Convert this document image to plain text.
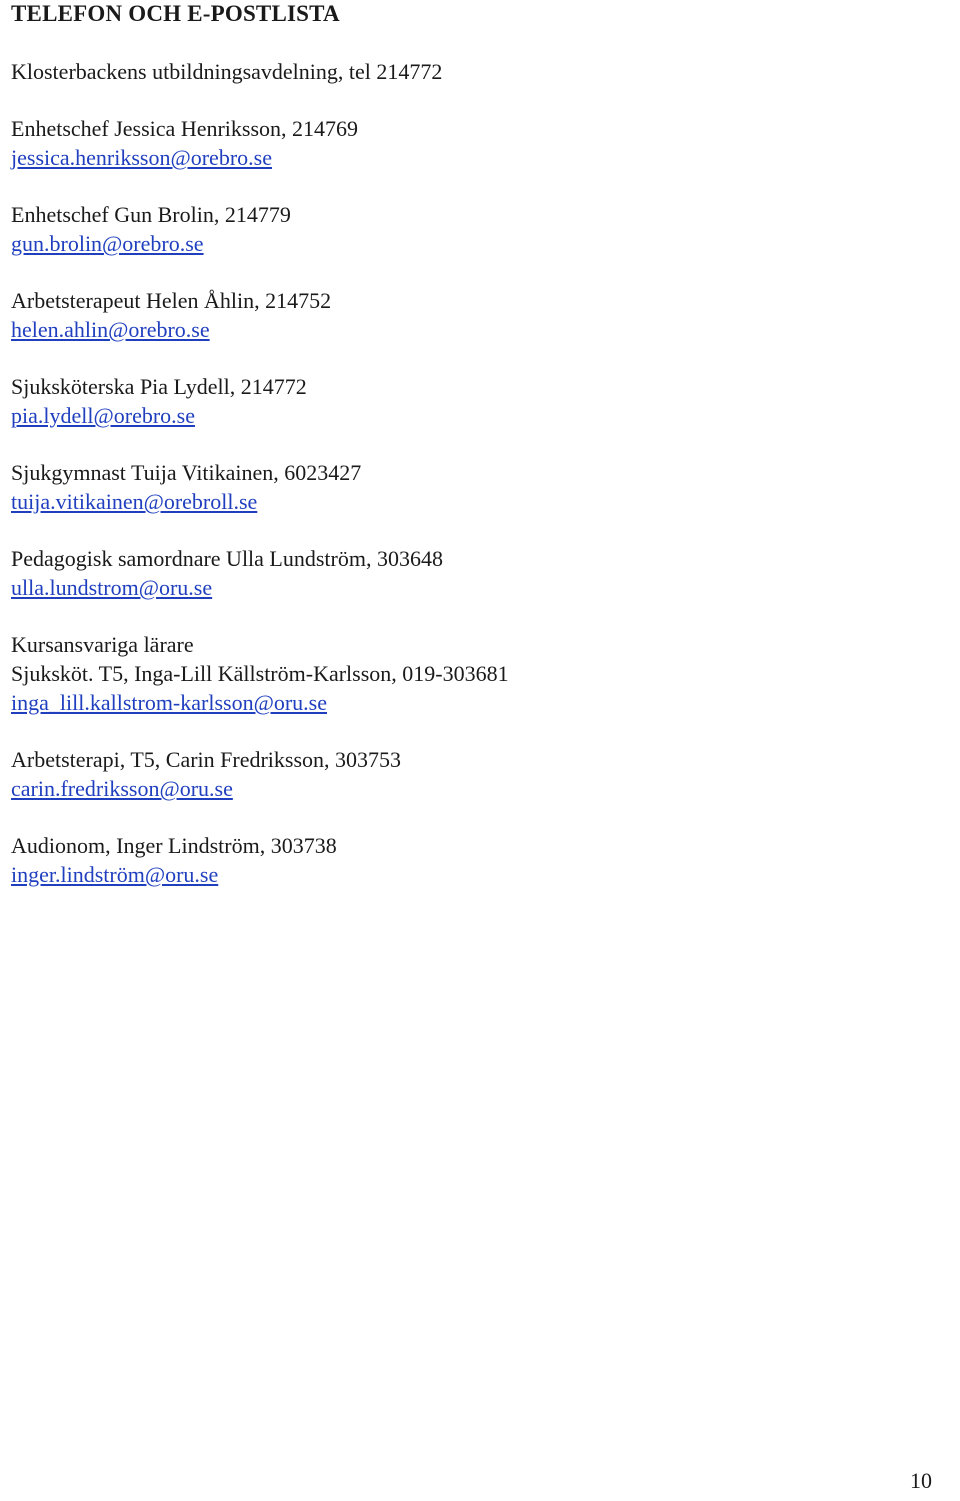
TELEFON OCH E-POSTLISTA
Klosterbackens utbildningsavdelning, tel 214772
Enhetschef Jessica Henriksson, 214769
jessica.henriksson@orebro.se
Enhetschef Gun Brolin, 214779
gun.brolin@orebro.se
Arbetsterapeut Helen Åhlin, 214752
helen.ahlin@orebro.se
Sjuksköterska Pia Lydell, 214772
pia.lydell@orebro.se
Sjukgymnast Tuija Vitikainen, 6023427
tuija.vitikainen@orebroll.se
Pedagogisk samordnare Ulla Lundström, 303648
ulla.lundstrom@oru.se
Kursansvariga lärare
Sjuksköt. T5, Inga-Lill Källström-Karlsson, 019-303681
inga_lill.kallstrom-karlsson@oru.se
Arbetsterapi, T5, Carin Fredriksson, 303753
carin.fredriksson@oru.se
Audionom, Inger Lindström, 303738
inger.lindström@oru.se
10
